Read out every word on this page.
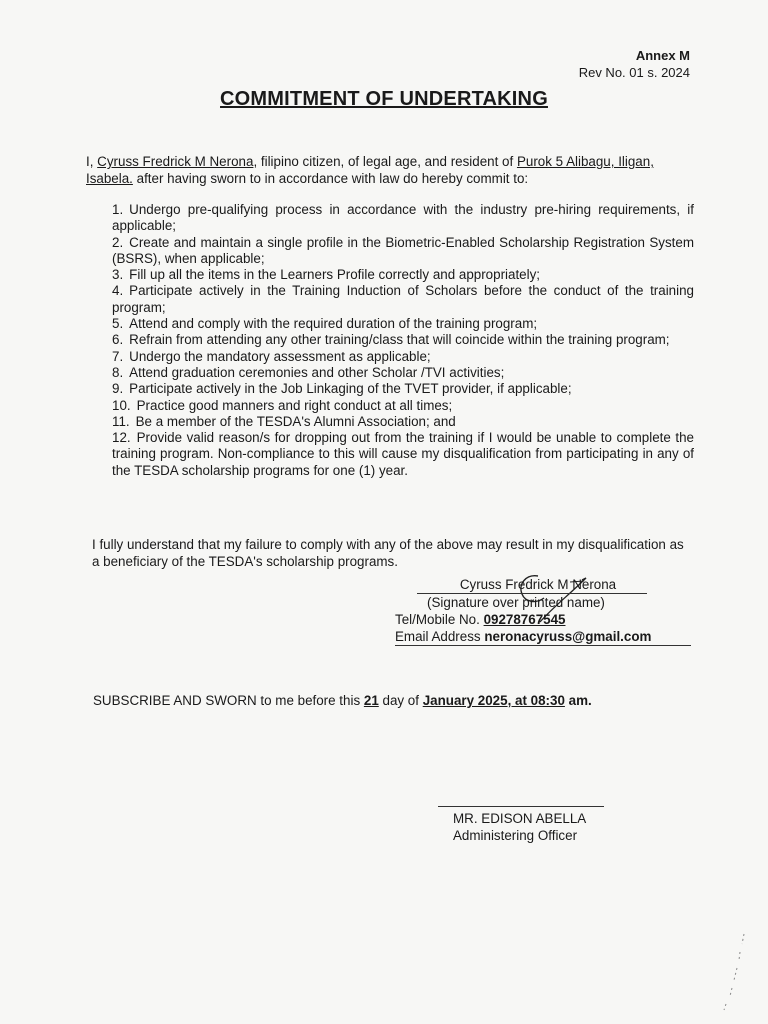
Annex M
Rev No. 01 s. 2024
COMMITMENT OF UNDERTAKING
I, Cyruss Fredrick M Nerona, filipino citizen, of legal age, and resident of Purok 5 Alibagu, Iligan, Isabela. after having sworn to in accordance with law do hereby commit to:

1. Undergo pre-qualifying process in accordance with the industry pre-hiring requirements, if applicable;

2. Create and maintain a single profile in the Biometric-Enabled Scholarship Registration System (BSRS), when applicable;

3. Fill up all the items in the Learners Profile correctly and appropriately;

4. Participate actively in the Training Induction of Scholars before the conduct of the training program;

5. Attend and comply with the required duration of the training program;

6. Refrain from attending any other training/class that will coincide within the training program;

7. Undergo the mandatory assessment as applicable;

8. Attend graduation ceremonies and other Scholar /TVI activities;

9. Participate actively in the Job Linkaging of the TVET provider, if applicable;

10. Practice good manners and right conduct at all times;

11. Be a member of the TESDA's Alumni Association; and

12. Provide valid reason/s for dropping out from the training if I would be unable to complete the training program. Non-compliance to this will cause my disqualification from participating in any of the TESDA scholarship programs for one (1) year.

I fully understand that my failure to comply with any of the above may result in my disqualification as a beneficiary of the TESDA's scholarship programs.
Cyruss Fredrick M Nerona
(Signature over printed name)
Tel/Mobile No. 09278767545
Email Address neronacyruss@gmail.com
SUBSCRIBE AND SWORN to me before this 21 day of January 2025, at 08:30 am.
MR. EDISON ABELLA
Administering Officer
